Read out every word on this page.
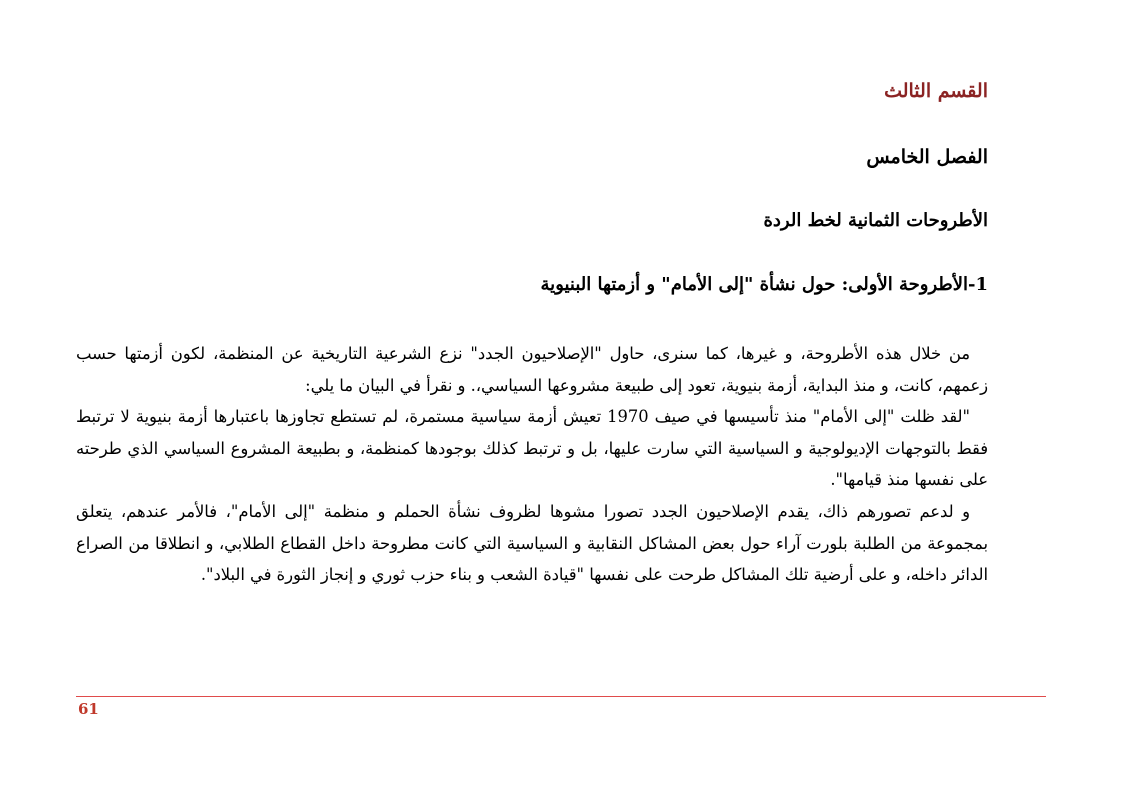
القسم الثالث
الفصل الخامس
الأطروحات الثمانية لخط الردة
1-الأطروحة الأولى: حول نشأة "إلى الأمام" و أزمتها البنيوية

من خلال هذه الأطروحة، و غيرها، كما سنرى، حاول "الإصلاحيون الجدد" نزع الشرعية التاريخية عن المنظمة، لكون أزمتها حسب زعمهم، كانت، و منذ البداية، أزمة بنيوية، تعود إلى طبيعة مشروعها السياسي،. و نقرأ في البيان ما يلي:

"لقد ظلت "إلى الأمام" منذ تأسيسها في صيف 1970 تعيش أزمة سياسية مستمرة، لم تستطع تجاوزها باعتبارها أزمة بنيوية لا ترتبط فقط بالتوجهات الإديولوجية و السياسية التي سارت عليها، بل و ترتبط كذلك بوجودها كمنظمة، و بطبيعة المشروع السياسي الذي طرحته على نفسها منذ قيامها".

و لدعم تصورهم ذاك، يقدم الإصلاحيون الجدد تصورا مشوها لظروف نشأة الحملم و منظمة "إلى الأمام"، فالأمر عندهم، يتعلق بمجموعة من الطلبة بلورت آراء حول بعض المشاكل النقابية و السياسية التي كانت مطروحة داخل القطاع الطلابي، و انطلاقا من الصراع الدائر داخله، و على أرضية تلك المشاكل طرحت على نفسها "قيادة الشعب و بناء حزب ثوري و إنجاز الثورة في البلاد".

61
